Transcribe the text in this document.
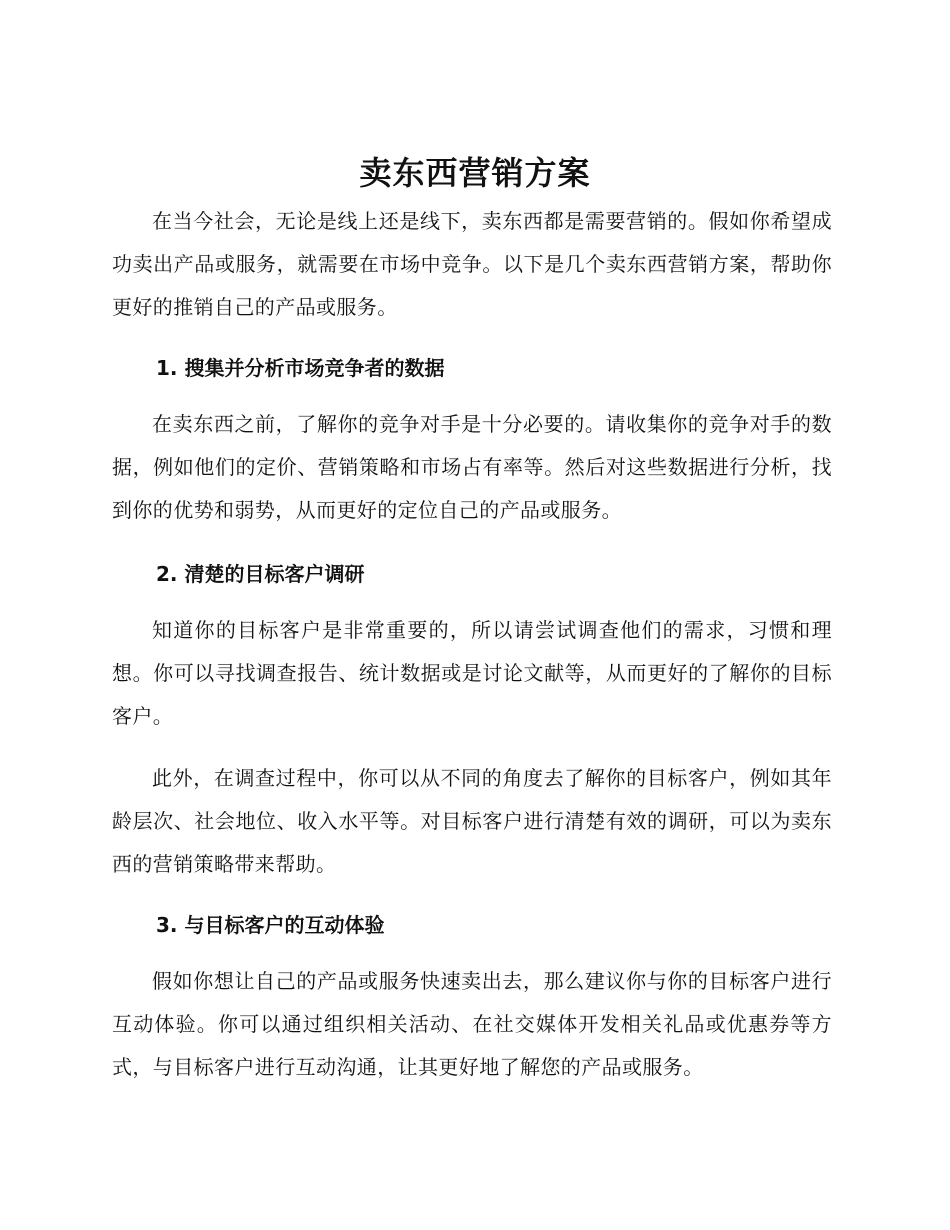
卖东西营销方案

在当今社会，无论是线上还是线下，卖东西都是需要营销的。假如你希望成功卖出产品或服务，就需要在市场中竞争。以下是几个卖东西营销方案，帮助你更好的推销自己的产品或服务。

1. 搜集并分析市场竞争者的数据

在卖东西之前，了解你的竞争对手是十分必要的。请收集你的竞争对手的数据，例如他们的定价、营销策略和市场占有率等。然后对这些数据进行分析，找到你的优势和弱势，从而更好的定位自己的产品或服务。

2. 清楚的目标客户调研

知道你的目标客户是非常重要的，所以请尝试调查他们的需求，习惯和理想。你可以寻找调查报告、统计数据或是讨论文献等，从而更好的了解你的目标客户。

此外，在调查过程中，你可以从不同的角度去了解你的目标客户，例如其年龄层次、社会地位、收入水平等。对目标客户进行清楚有效的调研，可以为卖东西的营销策略带来帮助。

3. 与目标客户的互动体验

假如你想让自己的产品或服务快速卖出去，那么建议你与你的目标客户进行互动体验。你可以通过组织相关活动、在社交媒体开发相关礼品或优惠券等方式，与目标客户进行互动沟通，让其更好地了解您的产品或服务。
